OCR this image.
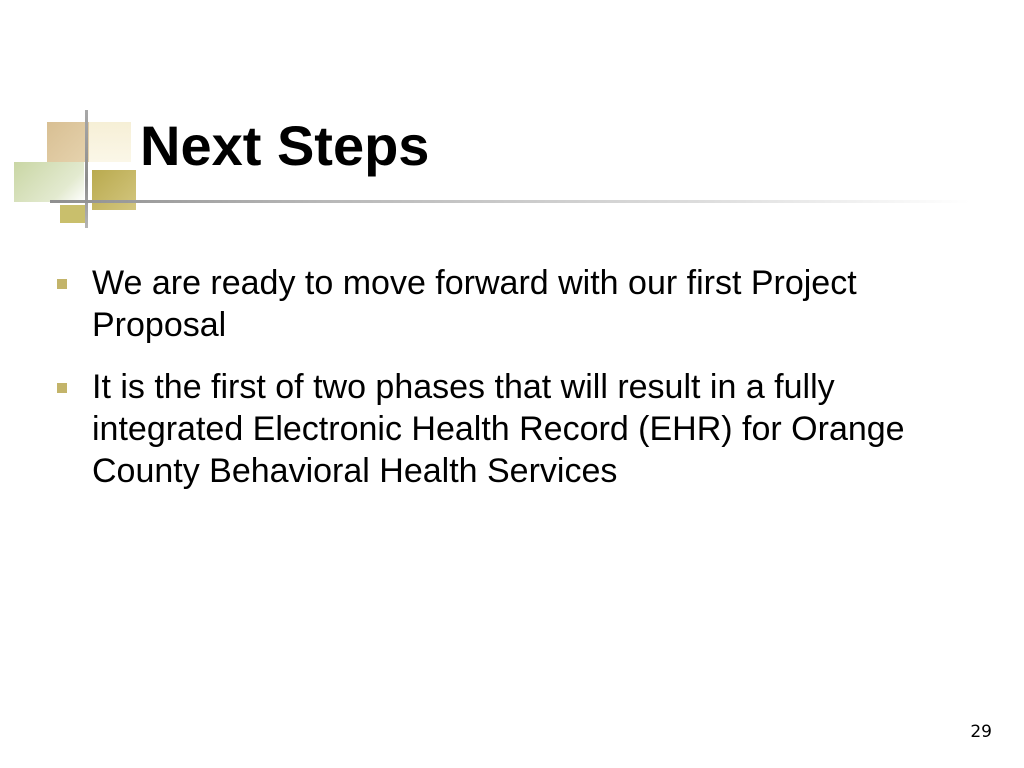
Next Steps
We are ready to move forward with our first Project Proposal
It is the first of two phases that will result in a fully integrated Electronic Health Record (EHR) for Orange County Behavioral Health Services
29
